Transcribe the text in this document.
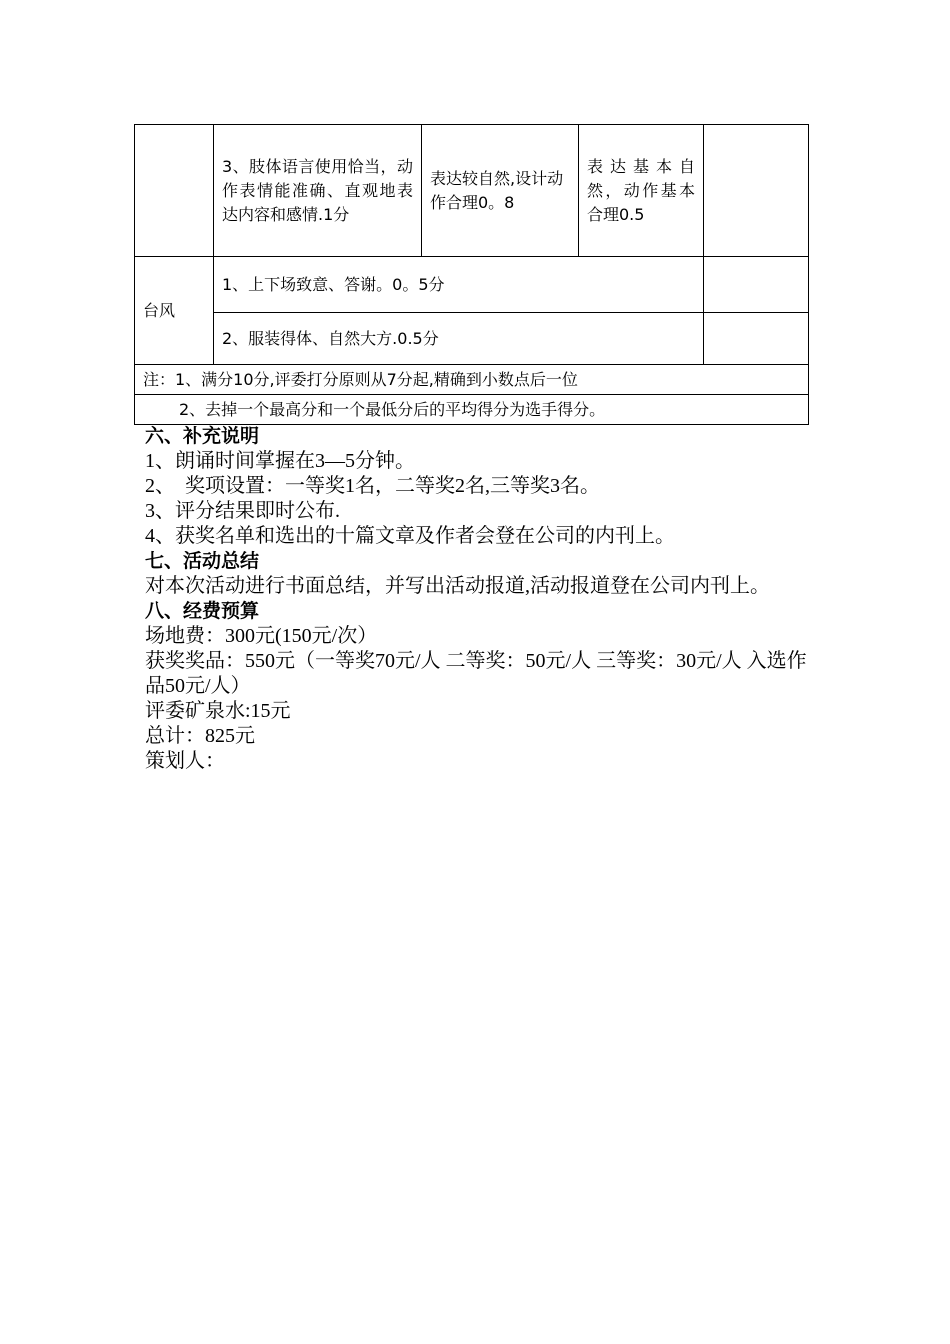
	3、肢体语言使用恰当，动作表情能准确、直观地表达内容和感情.1分	表达较自然,设计动作合理0。8	表达基本自然，动作基本合理0.5	
台风	1、上下场致意、答谢。0。5分			
	2、服装得体、自然大方.0.5分			
注：1、满分10分,评委打分原则从7分起,精确到小数点后一位				
2、去掉一个最高分和一个最低分后的平均得分为选手得分。				

六、补充说明

1、朗诵时间掌握在3—5分钟。

2、　奖项设置：一等奖1名，二等奖2名,三等奖3名。

3、评分结果即时公布.

4、获奖名单和选出的十篇文章及作者会登在公司的内刊上。

七、活动总结

对本次活动进行书面总结，并写出活动报道,活动报道登在公司内刊上。

八、经费预算

场地费：300元(150元/次）

获奖奖品：550元（一等奖70元/人 二等奖：50元/人 三等奖：30元/人 入选作品50元/人）

评委矿泉水:15元

总计：825元

策划人：
